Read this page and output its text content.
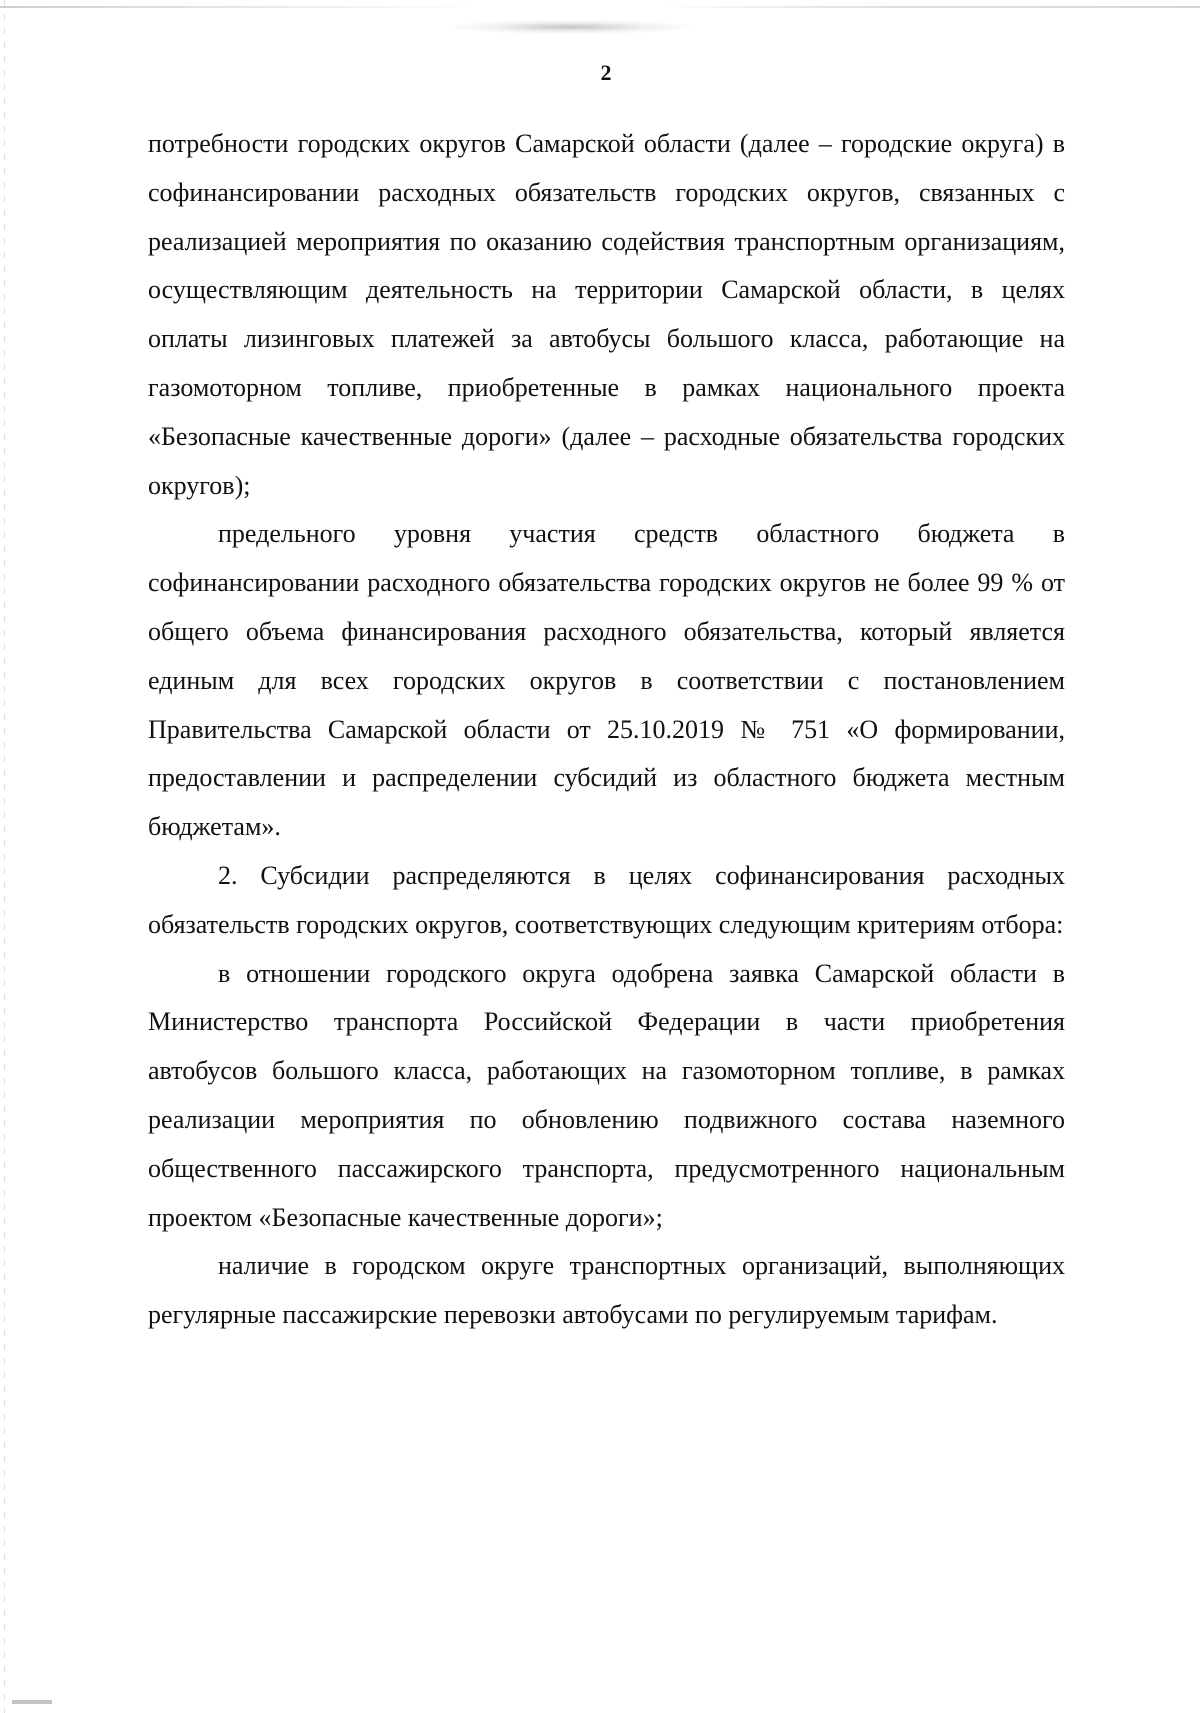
2

потребности городских округов Самарской области (далее – городские округа) в софинансировании расходных обязательств городских округов, связанных с реализацией мероприятия по оказанию содействия транспортным организациям, осуществляющим деятельность на территории Самарской области, в целях оплаты лизинговых платежей за автобусы большого класса, работающие на газомоторном топливе, приобретенные в рамках национального проекта «Безопасные качественные дороги» (далее – расходные обязательства городских округов);

предельного уровня участия средств областного бюджета в софинансировании расходного обязательства городских округов не более 99 % от общего объема финансирования расходного обязательства, который является единым для всех городских округов в соответствии с постановлением Правительства Самарской области от 25.10.2019 № 751 «О формировании, предоставлении и распределении субсидий из областного бюджета местным бюджетам».

2. Субсидии распределяются в целях софинансирования расходных обязательств городских округов, соответствующих следующим критериям отбора:

в отношении городского округа одобрена заявка Самарской области в Министерство транспорта Российской Федерации в части приобретения автобусов большого класса, работающих на газомоторном топливе, в рамках реализации мероприятия по обновлению подвижного состава наземного общественного пассажирского транспорта, предусмотренного национальным проектом «Безопасные качественные дороги»;

наличие в городском округе транспортных организаций, выполняющих регулярные пассажирские перевозки автобусами по регулируемым тарифам.
